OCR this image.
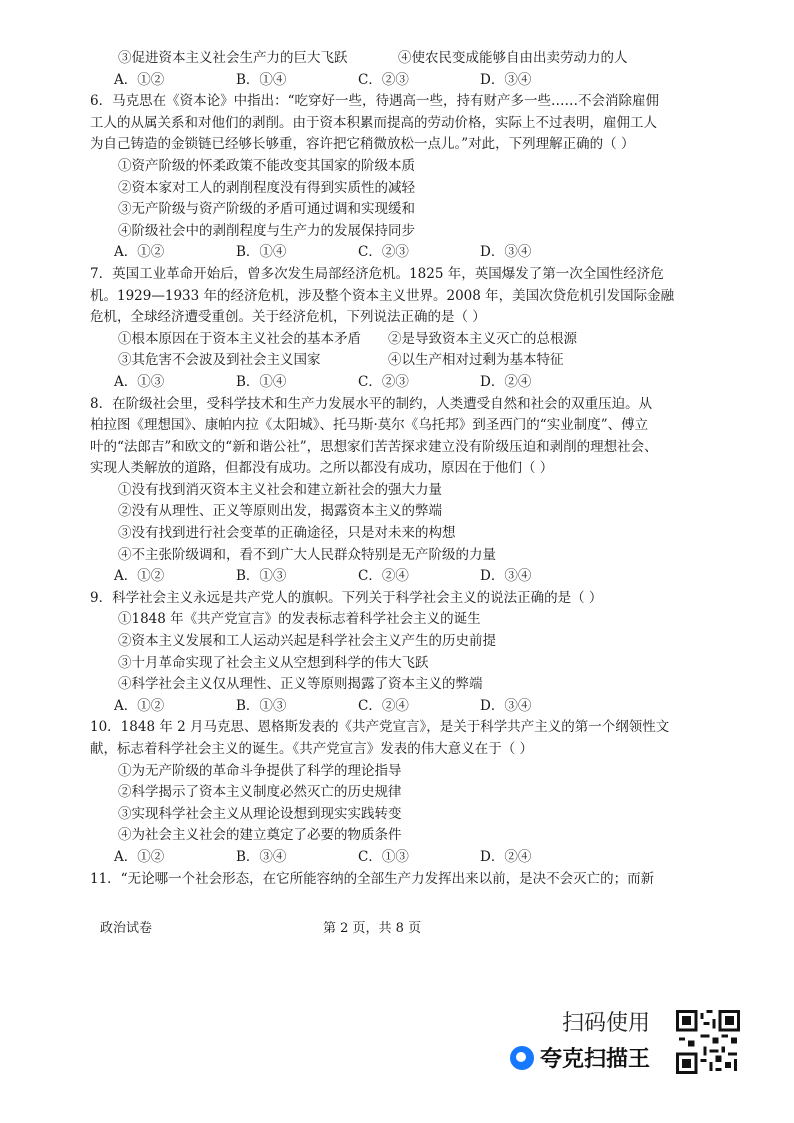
③促进资本主义社会生产力的巨大飞跃	④使农民变成能够自由出卖劳动力的人
A．①②	B．①④	C．②③	D．③④
6．马克思在《资本论》中指出：“吃穿好一些，待遇高一些，持有财产多一些……不会消除雇佣
工人的从属关系和对他们的剥削。由于资本积累而提高的劳动价格，实际上不过表明，雇佣工人
为自己铸造的金锁链已经够长够重，容许把它稍微放松一点儿。”对此，下列理解正确的（ ）
①资产阶级的怀柔政策不能改变其国家的阶级本质
②资本家对工人的剥削程度没有得到实质性的减轻
③无产阶级与资产阶级的矛盾可通过调和实现缓和
④阶级社会中的剥削程度与生产力的发展保持同步
A．①②	B．①④	C．②③	D．③④
7．英国工业革命开始后，曾多次发生局部经济危机。1825 年，英国爆发了第一次全国性经济危
机。1929—1933 年的经济危机，涉及整个资本主义世界。2008 年，美国次贷危机引发国际金融
危机，全球经济遭受重创。关于经济危机，下列说法正确的是（ ）
①根本原因在于资本主义社会的基本矛盾	②是导致资本主义灭亡的总根源
③其危害不会波及到社会主义国家	④以生产相对过剩为基本特征
A．①③	B．①④	C．②③	D．②④
8．在阶级社会里，受科学技术和生产力发展水平的制约，人类遭受自然和社会的双重压迫。从
柏拉图《理想国》、康帕内拉《太阳城》、托马斯·莫尔《乌托邦》到圣西门的“实业制度”、傅立
叶的“法郎吉”和欧文的“新和谐公社”，思想家们苦苦探求建立没有阶级压迫和剥削的理想社会、
实现人类解放的道路，但都没有成功。之所以都没有成功，原因在于他们（ ）
①没有找到消灭资本主义社会和建立新社会的强大力量
②没有从理性、正义等原则出发，揭露资本主义的弊端
③没有找到进行社会变革的正确途径，只是对未来的构想
④不主张阶级调和，看不到广大人民群众特别是无产阶级的力量
A．①②	B．①③	C．②④	D．③④
9．科学社会主义永远是共产党人的旗帜。下列关于科学社会主义的说法正确的是（ ）
①1848 年《共产党宣言》的发表标志着科学社会主义的诞生
②资本主义发展和工人运动兴起是科学社会主义产生的历史前提
③十月革命实现了社会主义从空想到科学的伟大飞跃
④科学社会主义仅从理性、正义等原则揭露了资本主义的弊端
A．①②	B．①③	C．②④	D．③④
10．1848 年 2 月马克思、恩格斯发表的《共产党宣言》，是关于科学共产主义的第一个纲领性文
献，标志着科学社会主义的诞生。《共产党宣言》发表的伟大意义在于（ ）
①为无产阶级的革命斗争提供了科学的理论指导
②科学揭示了资本主义制度必然灭亡的历史规律
③实现科学社会主义从理论设想到现实实践转变
④为社会主义社会的建立奠定了必要的物质条件
A．①②	B．③④	C．①③	D．②④
11．“无论哪一个社会形态，在它所能容纳的全部生产力发挥出来以前，是决不会灭亡的；而新
政治试卷	第 2 页，共 8 页
扫码使用
夸克扫描王
